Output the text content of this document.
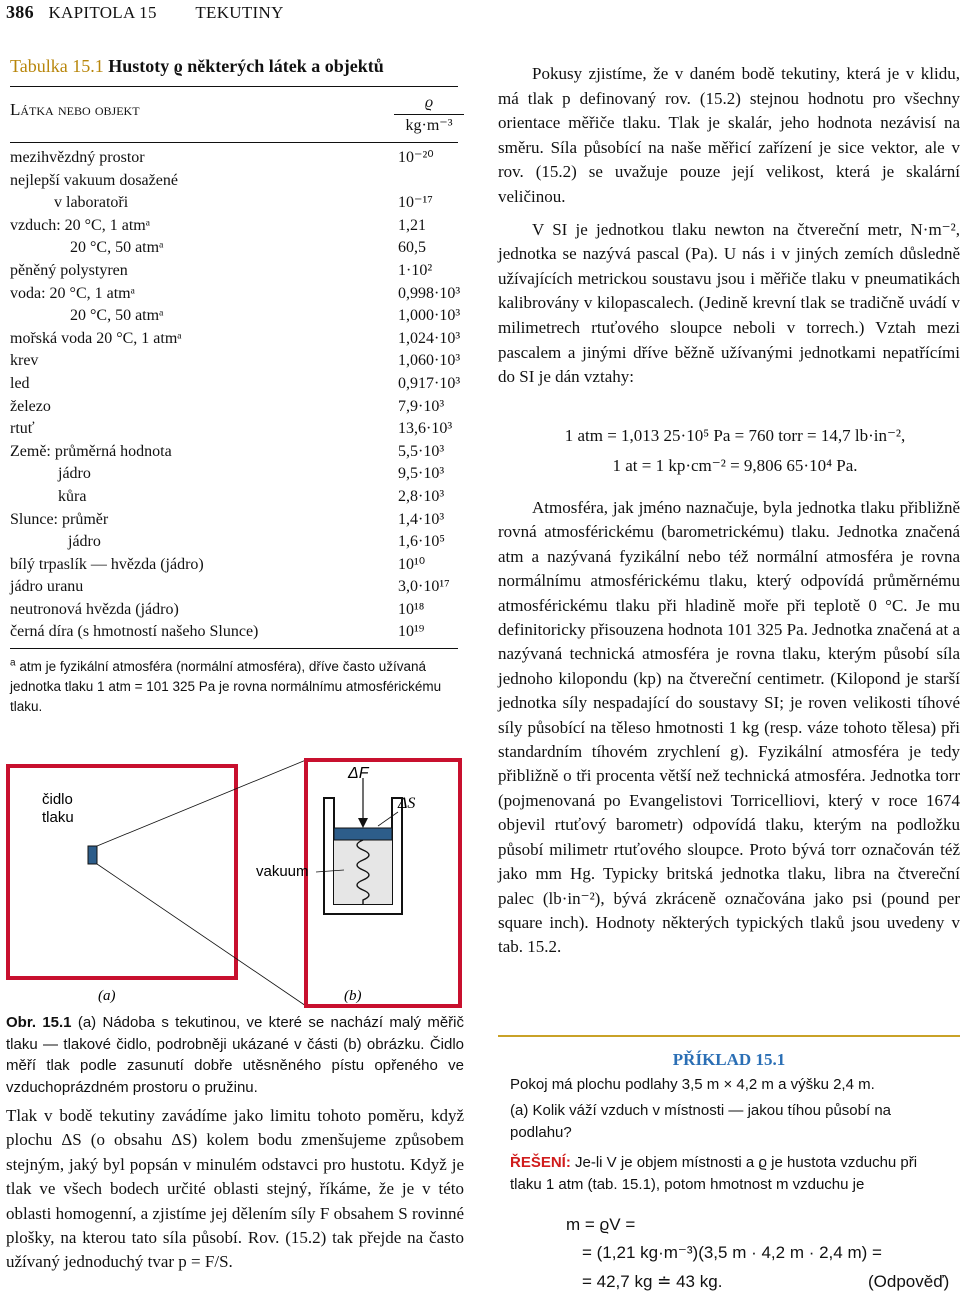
386 KAPITOLA 15 TEKUTINY
Tabulka 15.1 Hustoty ϱ některých látek a objektů
Látka nebo objekt	ϱ
kg·m⁻³
mezihvězdný prostor	10⁻²⁰
nejlepší vakuum dosažené
v laboratoři	10⁻¹⁷
vzduch: 20 °C, 1 atmᵃ	1,21
20 °C, 50 atmᵃ	60,5
pěněný polystyren	1·10²
voda: 20 °C, 1 atmᵃ	0,998·10³
20 °C, 50 atmᵃ	1,000·10³
mořská voda 20 °C, 1 atmᵃ	1,024·10³
krev	1,060·10³
led	0,917·10³
železo	7,9·10³
rtuť	13,6·10³
Země: průměrná hodnota	5,5·10³
jádro	9,5·10³
kůra	2,8·10³
Slunce: průměr	1,4·10³
jádro	1,6·10⁵
bílý trpaslík — hvězda (jádro)	10¹⁰
jádro uranu	3,0·10¹⁷
neutronová hvězda (jádro)	10¹⁸
černá díra (s hmotností našeho Slunce)	10¹⁹
$^a$ atm je fyzikální atmosféra (normální atmosféra), dříve často užívaná jednotka tlaku 1 atm = 101 325 Pa je rovna normálnímu atmosférickému tlaku.
čidlo
tlaku
ΔF
ΔS
vakuum
(a)	(b)
Obr. 15.1 (a) Nádoba s tekutinou, ve které se nachází malý měřič tlaku — tlakové čidlo, podrobněji ukázané v části (b) obrázku. Čidlo měří tlak podle zasunutí dobře utěsněného pístu opřeného ve vzduchoprázdném prostoru o pružinu.
Tlak v bodě tekutiny zavádíme jako limitu tohoto poměru, když plochu ΔS (o obsahu ΔS) kolem bodu zmenšujeme způsobem stejným, jaký byl popsán v minulém odstavci pro hustotu. Když je tlak ve všech bodech určité oblasti stejný, říkáme, že je v této oblasti homogenní, a zjistíme jej dělením síly F obsahem S rovinné plošky, na kterou tato síla působí. Rov. (15.2) tak přejde na často užívaný jednoduchý tvar p = F/S.

Pokusy zjistíme, že v daném bodě tekutiny, která je v klidu, má tlak p definovaný rov. (15.2) stejnou hodnotu pro všechny orientace měřiče tlaku. Tlak je skalár, jeho hodnota nezávisí na směru. Síla působící na naše měřicí zařízení je sice vektor, ale v rov. (15.2) se uvažuje pouze její velikost, která je skalární veličinou.

V SI je jednotkou tlaku newton na čtvereční metr, N·m⁻², jednotka se nazývá pascal (Pa). U nás i v jiných zemích důsledně užívajících metrickou soustavu jsou i měřiče tlaku v pneumatikách kalibrovány v kilopascalech. (Jedině krevní tlak se tradičně uvádí v milimetrech rtuťového sloupce neboli v torrech.) Vztah mezi pascalem a jinými dříve běžně užívanými jednotkami nepatřícími do SI je dán vztahy:

1 atm = 1,013 25·10⁵ Pa = 760 torr = 14,7 lb·in⁻²,
1 at = 1 kp·cm⁻² = 9,806 65·10⁴ Pa.

Atmosféra, jak jméno naznačuje, byla jednotka tlaku přibližně rovná atmosférickému (barometrickému) tlaku. Jednotka značená atm a nazývaná fyzikální nebo též normální atmosféra je rovna normálnímu atmosférickému tlaku, který odpovídá průměrnému atmosférickému tlaku při hladině moře při teplotě 0 °C. Je mu definitoricky přisouzena hodnota 101 325 Pa. Jednotka značená at a nazývaná technická atmosféra je rovna tlaku, kterým působí síla jednoho kilopondu (kp) na čtvereční centimetr. (Kilopond je starší jednotka síly nespadající do soustavy SI; je roven velikosti tíhové síly působící na těleso hmotnosti 1 kg (resp. váze tohoto tělesa) při standardním tíhovém zrychlení g). Fyzikální atmosféra je tedy přibližně o tři procenta větší než technická atmosféra. Jednotka torr (pojmenovaná po Evangelistovi Torricelliovi, který v roce 1674 objevil rtuťový barometr) odpovídá tlaku, kterým na podložku působí milimetr rtuťového sloupce. Proto bývá torr označován též jako mm Hg. Typicky britská jednotka tlaku, libra na čtvereční palec (lb·in⁻²), bývá zkráceně označována jako psi (pound per square inch). Hodnoty některých typických tlaků jsou uvedeny v tab. 15.2.

PŘÍKLAD 15.1
Pokoj má plochu podlahy 3,5 m × 4,2 m a výšku 2,4 m.
(a) Kolik váží vzduch v místnosti — jakou tíhou působí na podlahu?
ŘEŠENÍ: Je-li V je objem místnosti a ϱ je hustota vzduchu při tlaku 1 atm (tab. 15.1), potom hmotnost m vzduchu je
m = ϱV =
= (1,21 kg·m⁻³)(3,5 m · 4,2 m · 2,4 m) =
= 42,7 kg ≐ 43 kg.	(Odpověď)
